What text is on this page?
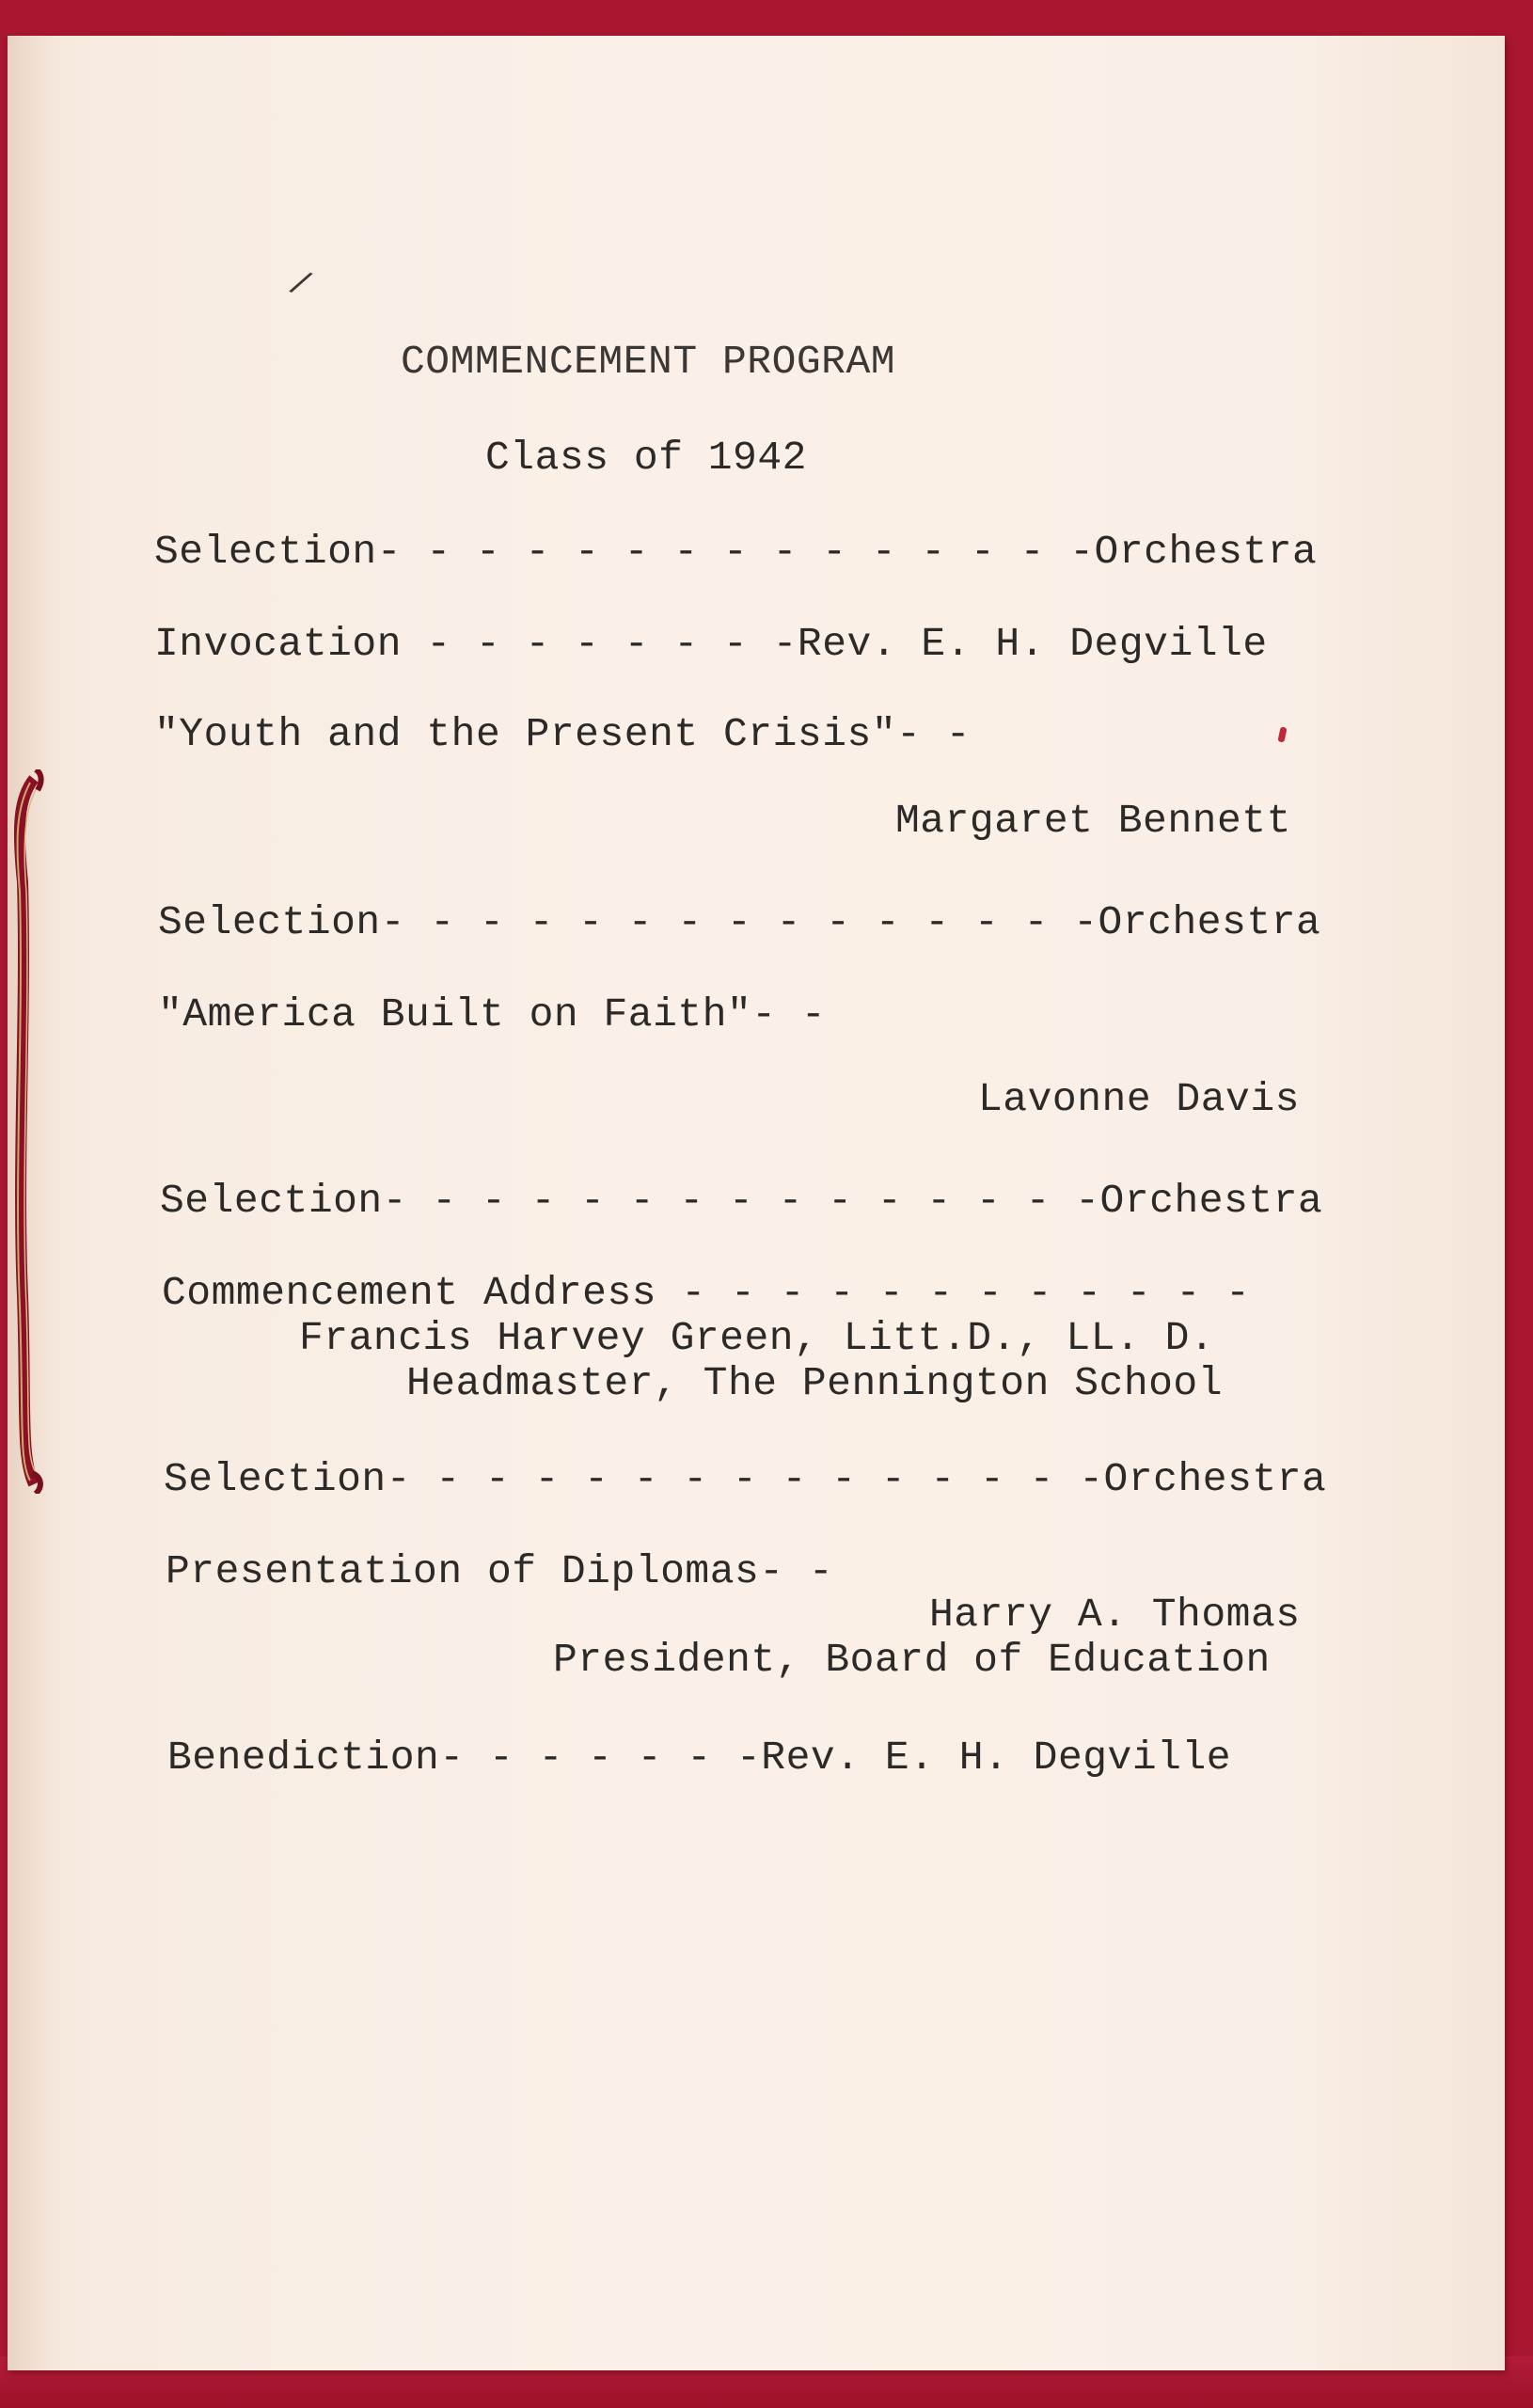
/

COMMENCEMENT PROGRAM

Class of 1942

Selection- - - - - - - - - - - - - - -Orchestra

Invocation - - - - - - - -Rev. E. H. Degville

"Youth and the Present Crisis"- -

Margaret Bennett

Selection- - - - - - - - - - - - - - -Orchestra

"America Built on Faith"- -

Lavonne Davis

Selection- - - - - - - - - - - - - - -Orchestra

Commencement Address - - - - - - - - - - - -

Francis Harvey Green, Litt.D., LL. D.

Headmaster, The Pennington School

Selection- - - - - - - - - - - - - - -Orchestra

Presentation of Diplomas- -

Harry A. Thomas

President, Board of Education

Benediction- - - - - - -Rev. E. H. Degville
